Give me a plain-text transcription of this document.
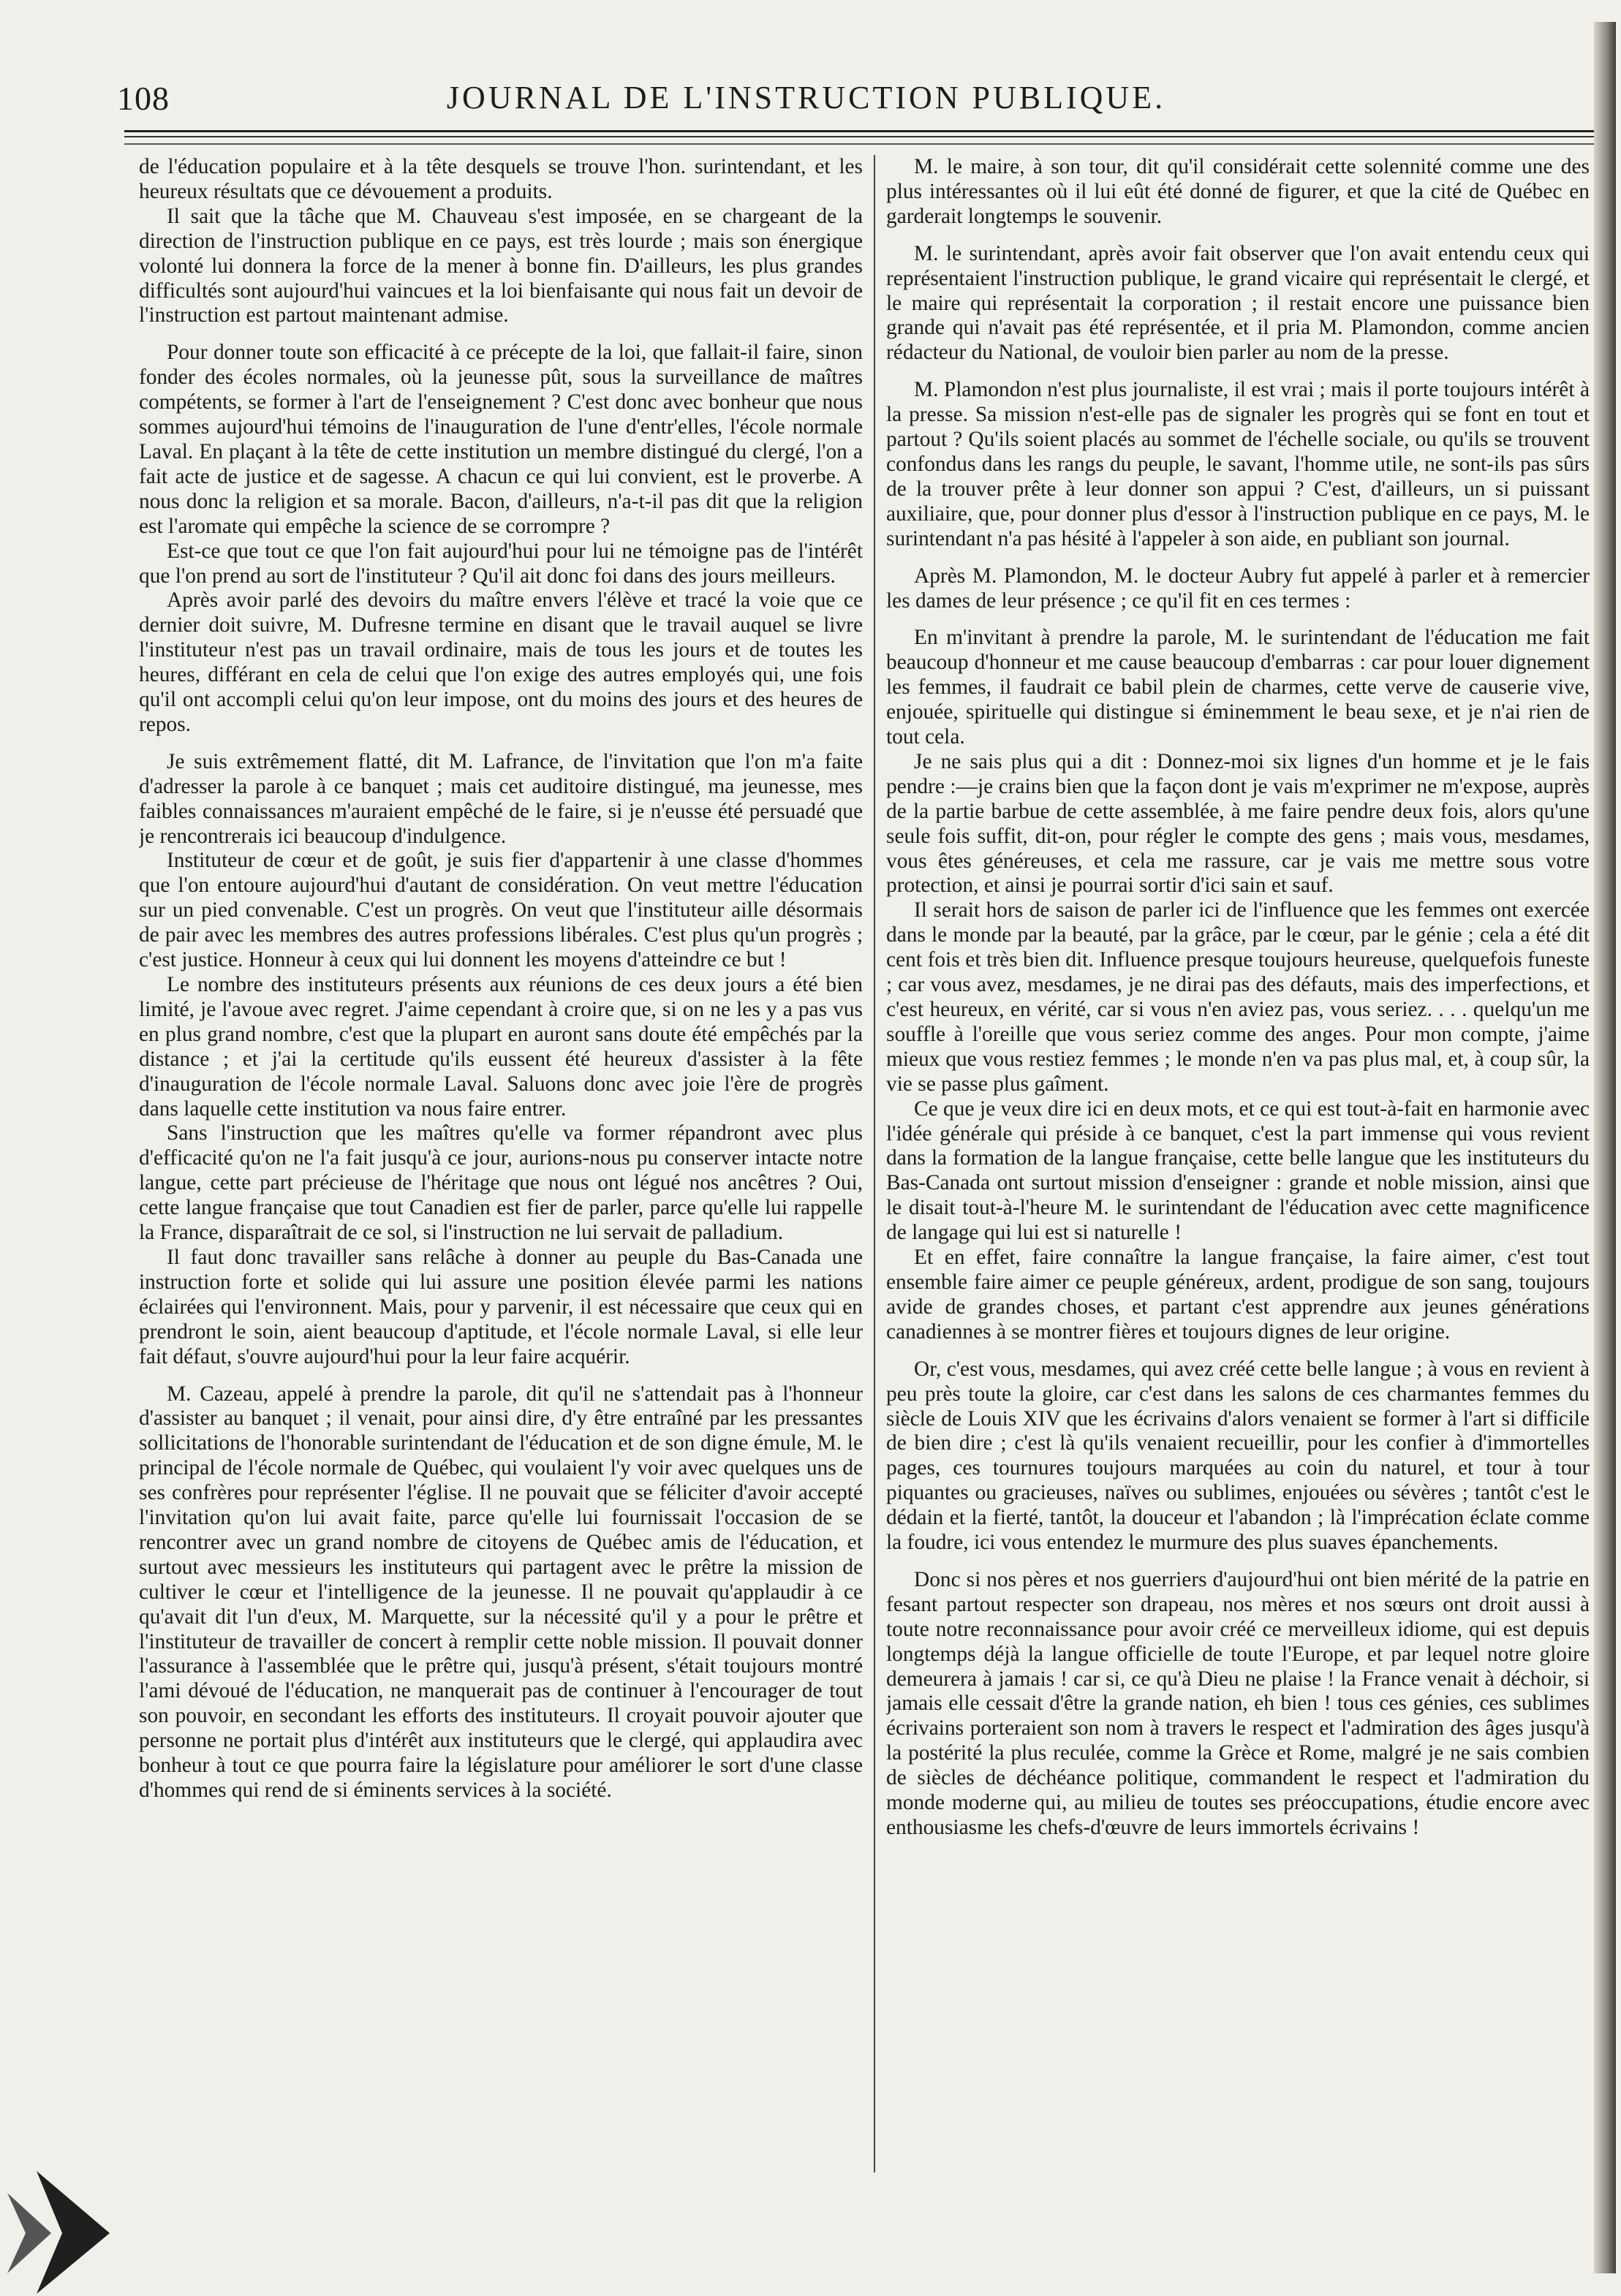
108	JOURNAL DE L'INSTRUCTION PUBLIQUE.

de l'éducation populaire et à la tête desquels se trouve l'hon. surintendant, et les heureux résultats que ce dévouement a produits.

Il sait que la tâche que M. Chauveau s'est imposée, en se chargeant de la direction de l'instruction publique en ce pays, est très lourde ; mais son énergique volonté lui donnera la force de la mener à bonne fin. D'ailleurs, les plus grandes difficultés sont aujourd'hui vaincues et la loi bienfaisante qui nous fait un devoir de l'instruction est partout maintenant admise.

Pour donner toute son efficacité à ce précepte de la loi, que fallait-il faire, sinon fonder des écoles normales, où la jeunesse pût, sous la surveillance de maîtres compétents, se former à l'art de l'enseignement ? C'est donc avec bonheur que nous sommes aujourd'hui témoins de l'inauguration de l'une d'entr'elles, l'école normale Laval. En plaçant à la tête de cette institution un membre distingué du clergé, l'on a fait acte de justice et de sagesse. A chacun ce qui lui convient, est le proverbe. A nous donc la religion et sa morale. Bacon, d'ailleurs, n'a-t-il pas dit que la religion est l'aromate qui empêche la science de se corrompre ?

Est-ce que tout ce que l'on fait aujourd'hui pour lui ne témoigne pas de l'intérêt que l'on prend au sort de l'instituteur ? Qu'il ait donc foi dans des jours meilleurs.

Après avoir parlé des devoirs du maître envers l'élève et tracé la voie que ce dernier doit suivre, M. Dufresne termine en disant que le travail auquel se livre l'instituteur n'est pas un travail ordinaire, mais de tous les jours et de toutes les heures, différant en cela de celui que l'on exige des autres employés qui, une fois qu'il ont accompli celui qu'on leur impose, ont du moins des jours et des heures de repos.

Je suis extrêmement flatté, dit M. Lafrance, de l'invitation que l'on m'a faite d'adresser la parole à ce banquet ; mais cet auditoire distingué, ma jeunesse, mes faibles connaissances m'auraient empêché de le faire, si je n'eusse été persuadé que je rencontrerais ici beaucoup d'indulgence.

Instituteur de cœur et de goût, je suis fier d'appartenir à une classe d'hommes que l'on entoure aujourd'hui d'autant de considération. On veut mettre l'éducation sur un pied convenable. C'est un progrès. On veut que l'instituteur aille désormais de pair avec les membres des autres professions libérales. C'est plus qu'un progrès ; c'est justice. Honneur à ceux qui lui donnent les moyens d'atteindre ce but !

Le nombre des instituteurs présents aux réunions de ces deux jours a été bien limité, je l'avoue avec regret. J'aime cependant à croire que, si on ne les y a pas vus en plus grand nombre, c'est que la plupart en auront sans doute été empêchés par la distance ; et j'ai la certitude qu'ils eussent été heureux d'assister à la fête d'inauguration de l'école normale Laval. Saluons donc avec joie l'ère de progrès dans laquelle cette institution va nous faire entrer.

Sans l'instruction que les maîtres qu'elle va former répandront avec plus d'efficacité qu'on ne l'a fait jusqu'à ce jour, aurions-nous pu conserver intacte notre langue, cette part précieuse de l'héritage que nous ont légué nos ancêtres ? Oui, cette langue française que tout Canadien est fier de parler, parce qu'elle lui rappelle la France, disparaîtrait de ce sol, si l'instruction ne lui servait de palladium.

Il faut donc travailler sans relâche à donner au peuple du Bas-Canada une instruction forte et solide qui lui assure une position élevée parmi les nations éclairées qui l'environnent. Mais, pour y parvenir, il est nécessaire que ceux qui en prendront le soin, aient beaucoup d'aptitude, et l'école normale Laval, si elle leur fait défaut, s'ouvre aujourd'hui pour la leur faire acquérir.

M. Cazeau, appelé à prendre la parole, dit qu'il ne s'attendait pas à l'honneur d'assister au banquet ; il venait, pour ainsi dire, d'y être entraîné par les pressantes sollicitations de l'honorable surintendant de l'éducation et de son digne émule, M. le principal de l'école normale de Québec, qui voulaient l'y voir avec quelques uns de ses confrères pour représenter l'église. Il ne pouvait que se féliciter d'avoir accepté l'invitation qu'on lui avait faite, parce qu'elle lui fournissait l'occasion de se rencontrer avec un grand nombre de citoyens de Québec amis de l'éducation, et surtout avec messieurs les instituteurs qui partagent avec le prêtre la mission de cultiver le cœur et l'intelligence de la jeunesse. Il ne pouvait qu'applaudir à ce qu'avait dit l'un d'eux, M. Marquette, sur la nécessité qu'il y a pour le prêtre et l'instituteur de travailler de concert à remplir cette noble mission. Il pouvait donner l'assurance à l'assemblée que le prêtre qui, jusqu'à présent, s'était toujours montré l'ami dévoué de l'éducation, ne manquerait pas de continuer à l'encourager de tout son pouvoir, en secondant les efforts des instituteurs. Il croyait pouvoir ajouter que personne ne portait plus d'intérêt aux instituteurs que le clergé, qui applaudira avec bonheur à tout ce que pourra faire la législature pour améliorer le sort d'une classe d'hommes qui rend de si éminents services à la société.

M. le maire, à son tour, dit qu'il considérait cette solennité comme une des plus intéressantes où il lui eût été donné de figurer, et que la cité de Québec en garderait longtemps le souvenir.

M. le surintendant, après avoir fait observer que l'on avait entendu ceux qui représentaient l'instruction publique, le grand vicaire qui représentait le clergé, et le maire qui représentait la corporation ; il restait encore une puissance bien grande qui n'avait pas été représentée, et il pria M. Plamondon, comme ancien rédacteur du National, de vouloir bien parler au nom de la presse.

M. Plamondon n'est plus journaliste, il est vrai ; mais il porte toujours intérêt à la presse. Sa mission n'est-elle pas de signaler les progrès qui se font en tout et partout ? Qu'ils soient placés au sommet de l'échelle sociale, ou qu'ils se trouvent confondus dans les rangs du peuple, le savant, l'homme utile, ne sont-ils pas sûrs de la trouver prête à leur donner son appui ? C'est, d'ailleurs, un si puissant auxiliaire, que, pour donner plus d'essor à l'instruction publique en ce pays, M. le surintendant n'a pas hésité à l'appeler à son aide, en publiant son journal.

Après M. Plamondon, M. le docteur Aubry fut appelé à parler et à remercier les dames de leur présence ; ce qu'il fit en ces termes :

En m'invitant à prendre la parole, M. le surintendant de l'éducation me fait beaucoup d'honneur et me cause beaucoup d'embarras : car pour louer dignement les femmes, il faudrait ce babil plein de charmes, cette verve de causerie vive, enjouée, spirituelle qui distingue si éminemment le beau sexe, et je n'ai rien de tout cela.

Je ne sais plus qui a dit : Donnez-moi six lignes d'un homme et je le fais pendre :—je crains bien que la façon dont je vais m'exprimer ne m'expose, auprès de la partie barbue de cette assemblée, à me faire pendre deux fois, alors qu'une seule fois suffit, dit-on, pour régler le compte des gens ; mais vous, mesdames, vous êtes généreuses, et cela me rassure, car je vais me mettre sous votre protection, et ainsi je pourrai sortir d'ici sain et sauf.

Il serait hors de saison de parler ici de l'influence que les femmes ont exercée dans le monde par la beauté, par la grâce, par le cœur, par le génie ; cela a été dit cent fois et très bien dit. Influence presque toujours heureuse, quelquefois funeste ; car vous avez, mesdames, je ne dirai pas des défauts, mais des imperfections, et c'est heureux, en vérité, car si vous n'en aviez pas, vous seriez. . . . quelqu'un me souffle à l'oreille que vous seriez comme des anges. Pour mon compte, j'aime mieux que vous restiez femmes ; le monde n'en va pas plus mal, et, à coup sûr, la vie se passe plus gaîment.

Ce que je veux dire ici en deux mots, et ce qui est tout-à-fait en harmonie avec l'idée générale qui préside à ce banquet, c'est la part immense qui vous revient dans la formation de la langue française, cette belle langue que les instituteurs du Bas-Canada ont surtout mission d'enseigner : grande et noble mission, ainsi que le disait tout-à-l'heure M. le surintendant de l'éducation avec cette magnificence de langage qui lui est si naturelle !

Et en effet, faire connaître la langue française, la faire aimer, c'est tout ensemble faire aimer ce peuple généreux, ardent, prodigue de son sang, toujours avide de grandes choses, et partant c'est apprendre aux jeunes générations canadiennes à se montrer fières et toujours dignes de leur origine.

Or, c'est vous, mesdames, qui avez créé cette belle langue ; à vous en revient à peu près toute la gloire, car c'est dans les salons de ces charmantes femmes du siècle de Louis XIV que les écrivains d'alors venaient se former à l'art si difficile de bien dire ; c'est là qu'ils venaient recueillir, pour les confier à d'immortelles pages, ces tournures toujours marquées au coin du naturel, et tour à tour piquantes ou gracieuses, naïves ou sublimes, enjouées ou sévères ; tantôt c'est le dédain et la fierté, tantôt, la douceur et l'abandon ; là l'imprécation éclate comme la foudre, ici vous entendez le murmure des plus suaves épanchements.

Donc si nos pères et nos guerriers d'aujourd'hui ont bien mérité de la patrie en fesant partout respecter son drapeau, nos mères et nos sœurs ont droit aussi à toute notre reconnaissance pour avoir créé ce merveilleux idiome, qui est depuis longtemps déjà la langue officielle de toute l'Europe, et par lequel notre gloire demeurera à jamais ! car si, ce qu'à Dieu ne plaise ! la France venait à déchoir, si jamais elle cessait d'être la grande nation, eh bien ! tous ces génies, ces sublimes écrivains porteraient son nom à travers le respect et l'admiration des âges jusqu'à la postérité la plus reculée, comme la Grèce et Rome, malgré je ne sais combien de siècles de déchéance politique, commandent le respect et l'admiration du monde moderne qui, au milieu de toutes ses préoccupations, étudie encore avec enthousiasme les chefs-d'œuvre de leurs immortels écrivains !
